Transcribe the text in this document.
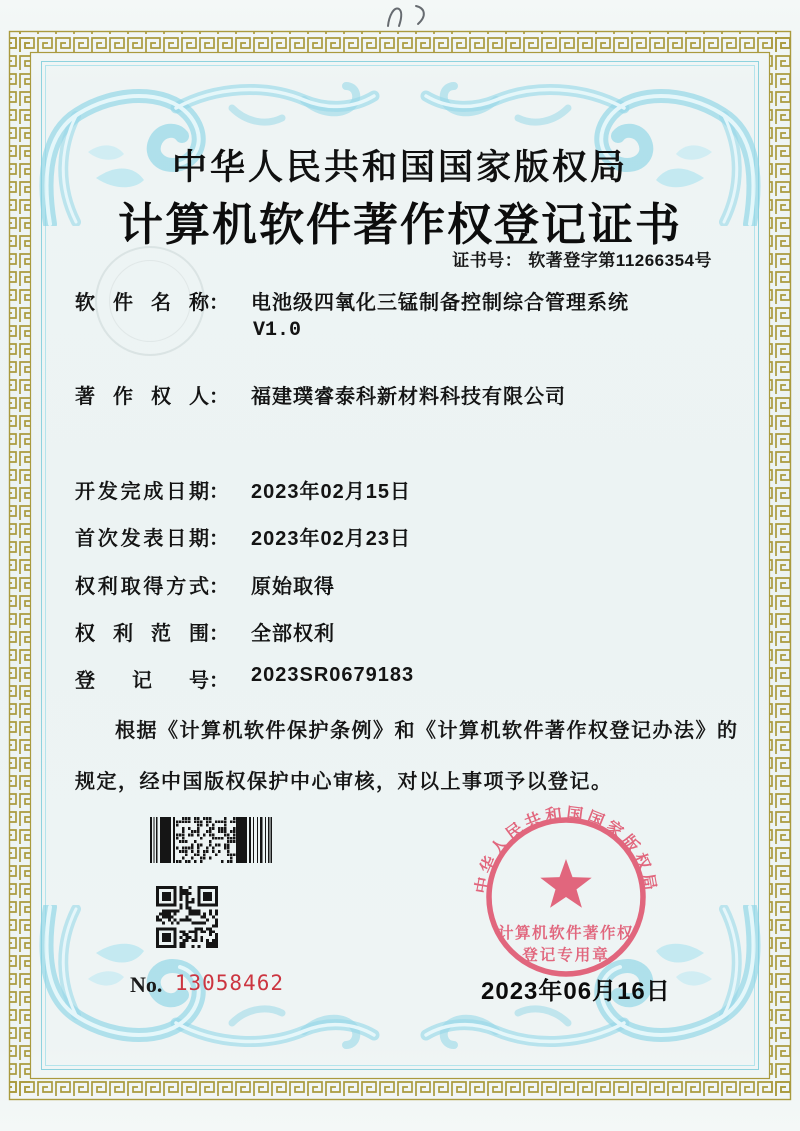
中华人民共和国国家版权局
计算机软件著作权登记证书
证书号： 软著登字第11266354号
软件名称： 电池级四氧化三锰制备控制综合管理系统
V1.0
著作权人： 福建璞睿泰科新材料科技有限公司
开发完成日期： 2023年02月15日
首次发表日期： 2023年02月23日
权利取得方式： 原始取得
权利范围： 全部权利
登记号： 2023SR0679183
根据《计算机软件保护条例》和《计算机软件著作权登记办法》的规定，经中国版权保护中心审核，对以上事项予以登记。
No. 13058462
中华人民共和国国家版权局
计算机软件著作权
登记专用章
2023年06月16日
